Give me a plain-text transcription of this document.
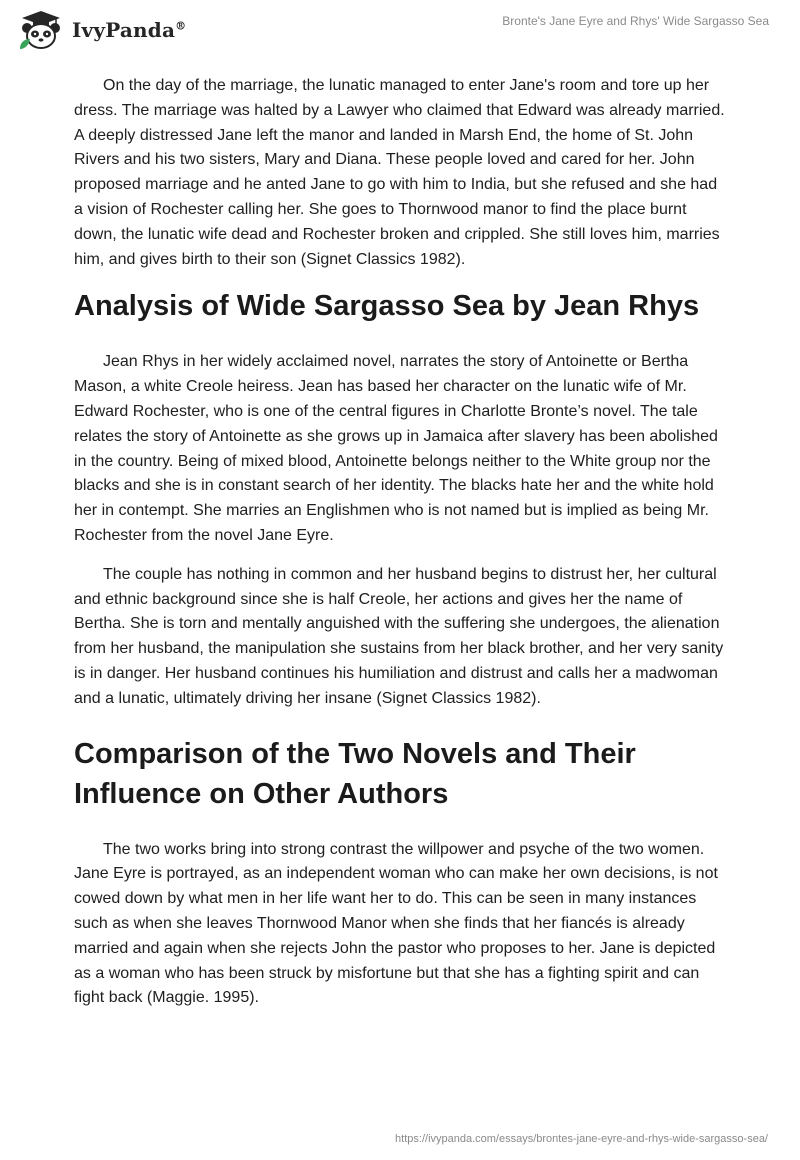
IvyPanda®	Bronte's Jane Eyre and Rhys' Wide Sargasso Sea

On the day of the marriage, the lunatic managed to enter Jane's room and tore up her dress. The marriage was halted by a Lawyer who claimed that Edward was already married. A deeply distressed Jane left the manor and landed in Marsh End, the home of St. John Rivers and his two sisters, Mary and Diana. These people loved and cared for her. John proposed marriage and he anted Jane to go with him to India, but she refused and she had a vision of Rochester calling her. She goes to Thornwood manor to find the place burnt down, the lunatic wife dead and Rochester broken and crippled. She still loves him, marries him, and gives birth to their son (Signet Classics 1982).

Analysis of Wide Sargasso Sea by Jean Rhys

Jean Rhys in her widely acclaimed novel, narrates the story of Antoinette or Bertha Mason, a white Creole heiress. Jean has based her character on the lunatic wife of Mr. Edward Rochester, who is one of the central figures in Charlotte Bronte’s novel. The tale relates the story of Antoinette as she grows up in Jamaica after slavery has been abolished in the country. Being of mixed blood, Antoinette belongs neither to the White group nor the blacks and she is in constant search of her identity. The blacks hate her and the white hold her in contempt. She marries an Englishmen who is not named but is implied as being Mr. Rochester from the novel Jane Eyre.

The couple has nothing in common and her husband begins to distrust her, her cultural and ethnic background since she is half Creole, her actions and gives her the name of Bertha. She is torn and mentally anguished with the suffering she undergoes, the alienation from her husband, the manipulation she sustains from her black brother, and her very sanity is in danger. Her husband continues his humiliation and distrust and calls her a madwoman and a lunatic, ultimately driving her insane (Signet Classics 1982).

Comparison of the Two Novels and Their Influence on Other Authors

The two works bring into strong contrast the willpower and psyche of the two women. Jane Eyre is portrayed, as an independent woman who can make her own decisions, is not cowed down by what men in her life want her to do. This can be seen in many instances such as when she leaves Thornwood Manor when she finds that her fiancés is already married and again when she rejects John the pastor who proposes to her. Jane is depicted as a woman who has been struck by misfortune but that she has a fighting spirit and can fight back (Maggie. 1995).

https://ivypanda.com/essays/brontes-jane-eyre-and-rhys-wide-sargasso-sea/
